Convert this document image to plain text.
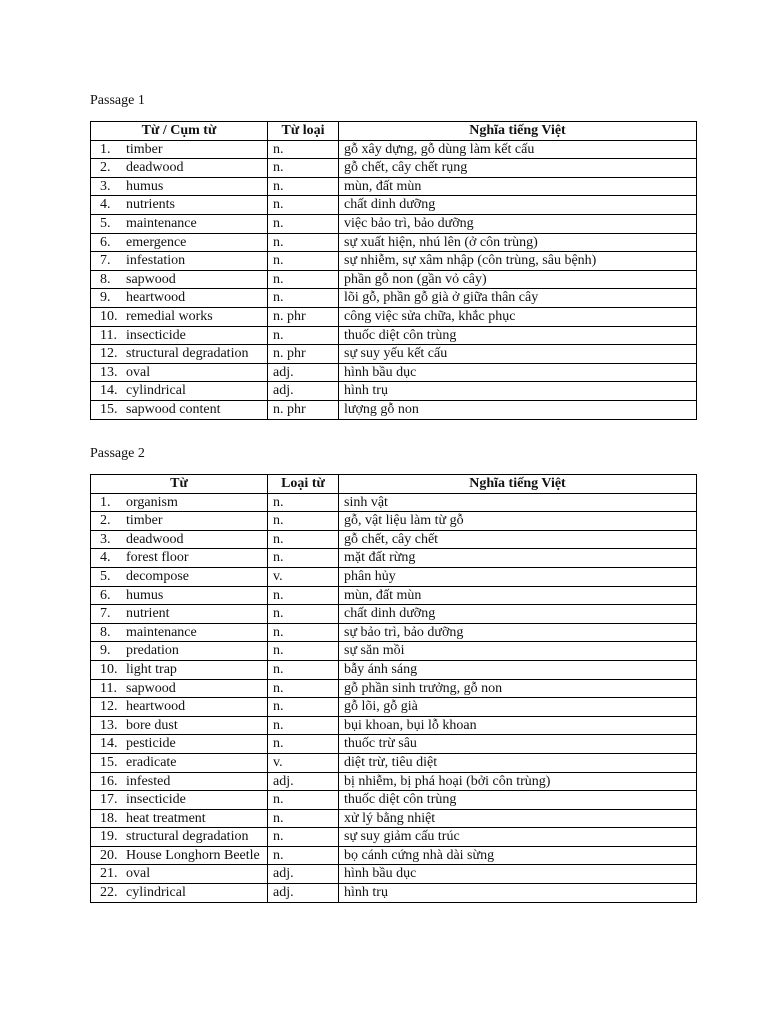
Passage 1

Từ / Cụm từ	Từ loại	Nghĩa tiếng Việt
1. timber	n.	gỗ xây dựng, gỗ dùng làm kết cấu
2. deadwood	n.	gỗ chết, cây chết rụng
3. humus	n.	mùn, đất mùn
4. nutrients	n.	chất dinh dưỡng
5. maintenance	n.	việc bảo trì, bảo dưỡng
6. emergence	n.	sự xuất hiện, nhú lên (ở côn trùng)
7. infestation	n.	sự nhiễm, sự xâm nhập (côn trùng, sâu bệnh)
8. sapwood	n.	phần gỗ non (gần vỏ cây)
9. heartwood	n.	lõi gỗ, phần gỗ già ở giữa thân cây
10. remedial works	n. phr	công việc sửa chữa, khắc phục
11. insecticide	n.	thuốc diệt côn trùng
12. structural degradation	n. phr	sự suy yếu kết cấu
13. oval	adj.	hình bầu dục
14. cylindrical	adj.	hình trụ
15. sapwood content	n. phr	lượng gỗ non

Passage 2

Từ	Loại từ	Nghĩa tiếng Việt
1. organism	n.	sinh vật
2. timber	n.	gỗ, vật liệu làm từ gỗ
3. deadwood	n.	gỗ chết, cây chết
4. forest floor	n.	mặt đất rừng
5. decompose	v.	phân hủy
6. humus	n.	mùn, đất mùn
7. nutrient	n.	chất dinh dưỡng
8. maintenance	n.	sự bảo trì, bảo dưỡng
9. predation	n.	sự săn mồi
10. light trap	n.	bẫy ánh sáng
11. sapwood	n.	gỗ phần sinh trưởng, gỗ non
12. heartwood	n.	gỗ lõi, gỗ già
13. bore dust	n.	bụi khoan, bụi lỗ khoan
14. pesticide	n.	thuốc trừ sâu
15. eradicate	v.	diệt trừ, tiêu diệt
16. infested	adj.	bị nhiễm, bị phá hoại (bởi côn trùng)
17. insecticide	n.	thuốc diệt côn trùng
18. heat treatment	n.	xử lý bằng nhiệt
19. structural degradation	n.	sự suy giảm cấu trúc
20. House Longhorn Beetle	n.	bọ cánh cứng nhà dài sừng
21. oval	adj.	hình bầu dục
22. cylindrical	adj.	hình trụ
